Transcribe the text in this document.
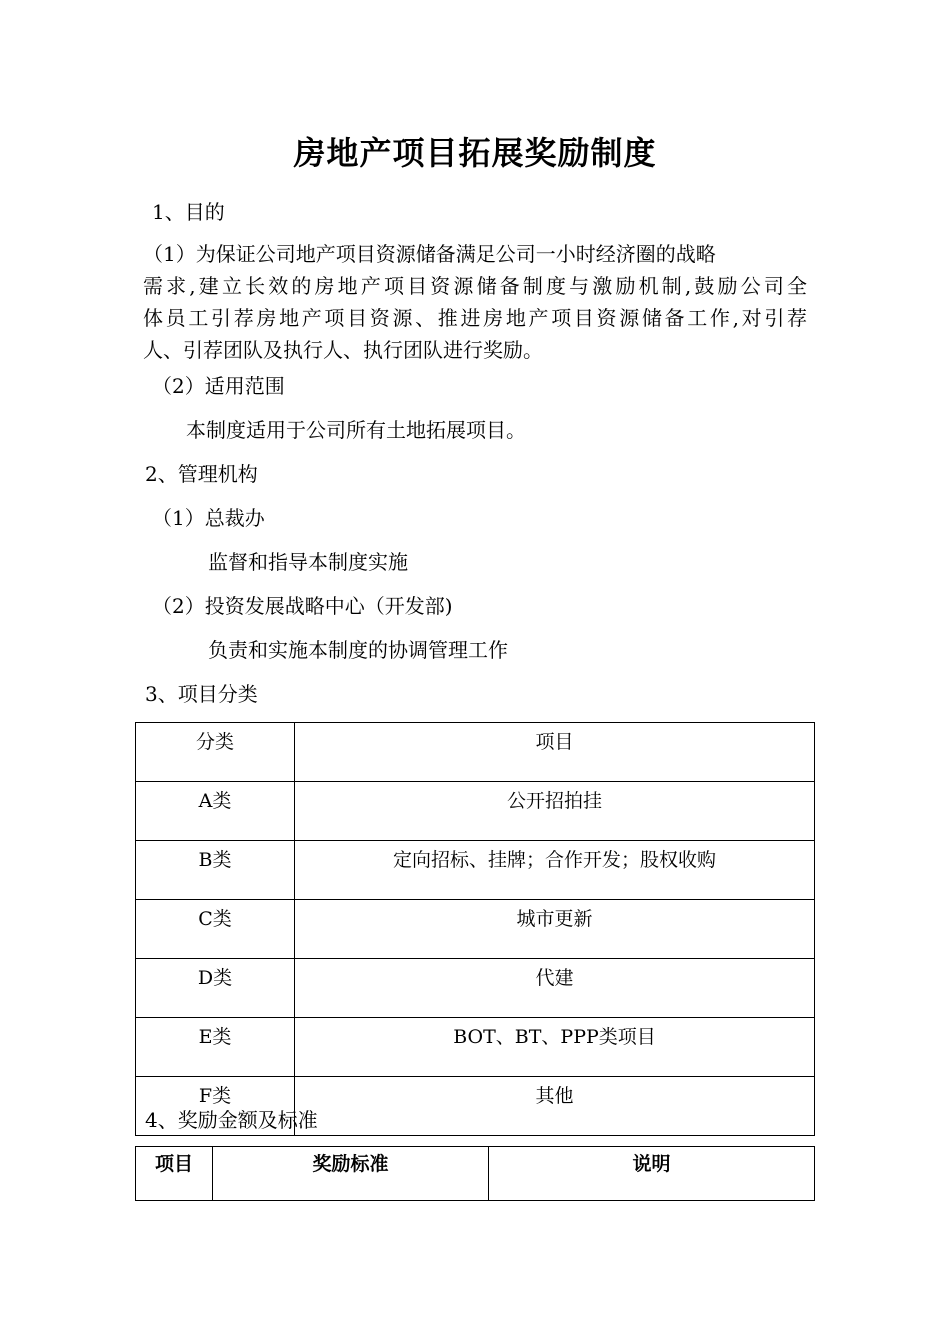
房地产项目拓展奖励制度
1、目的
（1）为保证公司地产项目资源储备满足公司一小时经济圈的战略
需求,建立长效的房地产项目资源储备制度与激励机制,鼓励公司全
体员工引荐房地产项目资源、推进房地产项目资源储备工作,对引荐
人、引荐团队及执行人、执行团队进行奖励。
（2）适用范围
本制度适用于公司所有土地拓展项目。
2、管理机构
（1）总裁办
监督和指导本制度实施
（2）投资发展战略中心（开发部)
负责和实施本制度的协调管理工作
3、项目分类
分类	项目
A类	公开招拍挂
B类	定向招标、挂牌；合作开发；股权收购
C类	城市更新
D类	代建
E类	BOT、BT、PPP类项目
F类	其他
4、奖励金额及标准
项目	奖励标准	说明
